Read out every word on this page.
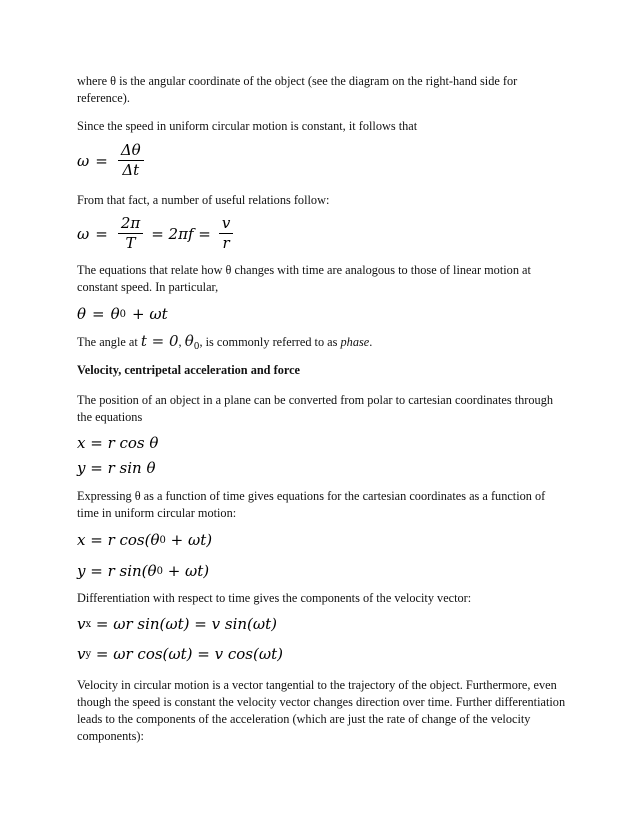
where θ is the angular coordinate of the object (see the diagram on the right-hand side for reference).

Since the speed in uniform circular motion is constant, it follows that

$\omega = \frac{\Delta\theta}{\Delta t}$

From that fact, a number of useful relations follow:

$\omega = \frac{2\pi}{T} = 2\pi f = \frac{v}{r}$

The equations that relate how θ changes with time are analogous to those of linear motion at constant speed. In particular,

θ = θ 0 + ωt

The angle at t = 0, $\theta_0$, is commonly referred to as phase.

Velocity, centripetal acceleration and force

The position of an object in a plane can be converted from polar to cartesian coordinates through the equations

x = r cos θ
y = r sin θ

Expressing θ as a function of time gives equations for the cartesian coordinates as a function of time in uniform circular motion:

x = r cos(θ 0 + ωt)
y = r sin(θ 0 + ωt)

Differentiation with respect to time gives the components of the velocity vector:

v x = ωr sin(ωt) = v sin(ωt)
v y = ωr cos(ωt) = v cos(ωt)

Velocity in circular motion is a vector tangential to the trajectory of the object. Furthermore, even though the speed is constant the velocity vector changes direction over time. Further differentiation leads to the components of the acceleration (which are just the rate of change of the velocity components):
